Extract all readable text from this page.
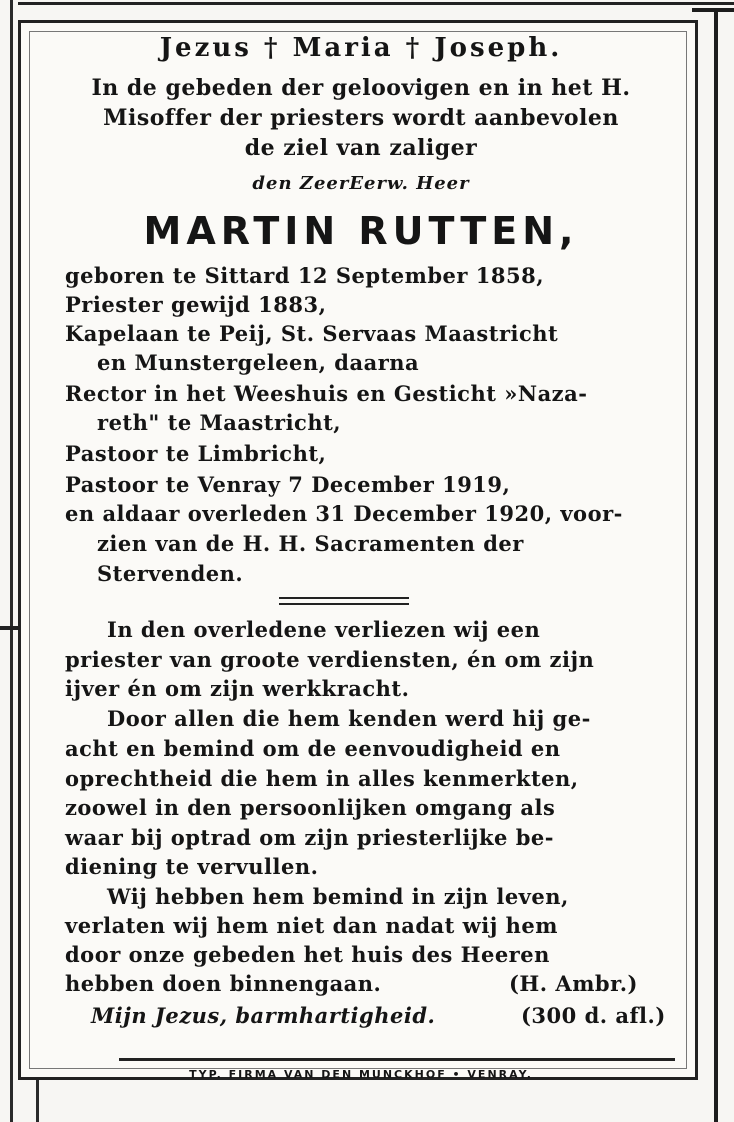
Jezus † Maria † Joseph.
In de gebeden der geloovigen en in het H.
Misoffer der priesters wordt aanbevolen
de ziel van zaliger
den ZeerEerw. Heer
MARTIN RUTTEN,
geboren te Sittard 12 September 1858,
Priester gewijd 1883,
Kapelaan te Peij, St. Servaas Maastricht
en Munstergeleen, daarna
Rector in het Weeshuis en Gesticht »Naza-
reth" te Maastricht,
Pastoor te Limbricht,
Pastoor te Venray 7 December 1919,
en aldaar overleden 31 December 1920, voor-
zien van de H. H. Sacramenten der
Stervenden.
In den overledene verliezen wij een
priester van groote verdiensten, én om zijn
ijver én om zijn werkkracht.
Door allen die hem kenden werd hij ge-
acht en bemind om de eenvoudigheid en
oprechtheid die hem in alles kenmerkten,
zoowel in den persoonlijken omgang als
waar bij optrad om zijn priesterlijke be-
diening te vervullen.
Wij hebben hem bemind in zijn leven,
verlaten wij hem niet dan nadat wij hem
door onze gebeden het huis des Heeren
hebben doen binnengaan.	(H. Ambr.)
Mijn Jezus, barmhartigheid.	(300 d. afl.)
TYP. FIRMA VAN DEN MUNCKHOF • VENRAY.
